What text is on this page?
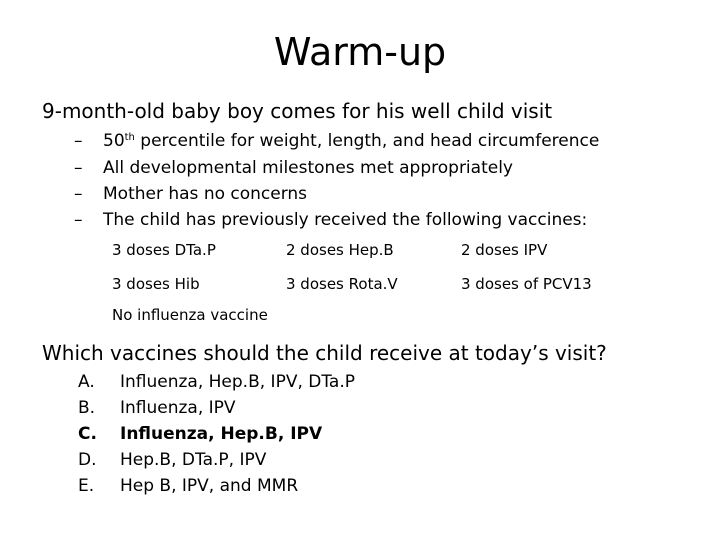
Warm-up
9-month-old baby boy comes for his well child visit
– 50th percentile for weight, length, and head circumference
– All developmental milestones met appropriately
– Mother has no concerns
– The child has previously received the following vaccines:
3 doses DTa.P	2 doses Hep.B	2 doses IPV
3 doses Hib	3 doses Rota.V	3 doses of PCV13
No influenza vaccine
Which vaccines should the child receive at today’s visit?
A. Influenza, Hep.B, IPV, DTa.P
B. Influenza, IPV
C. Influenza, Hep.B, IPV
D. Hep.B, DTa.P, IPV
E. Hep B, IPV, and MMR
